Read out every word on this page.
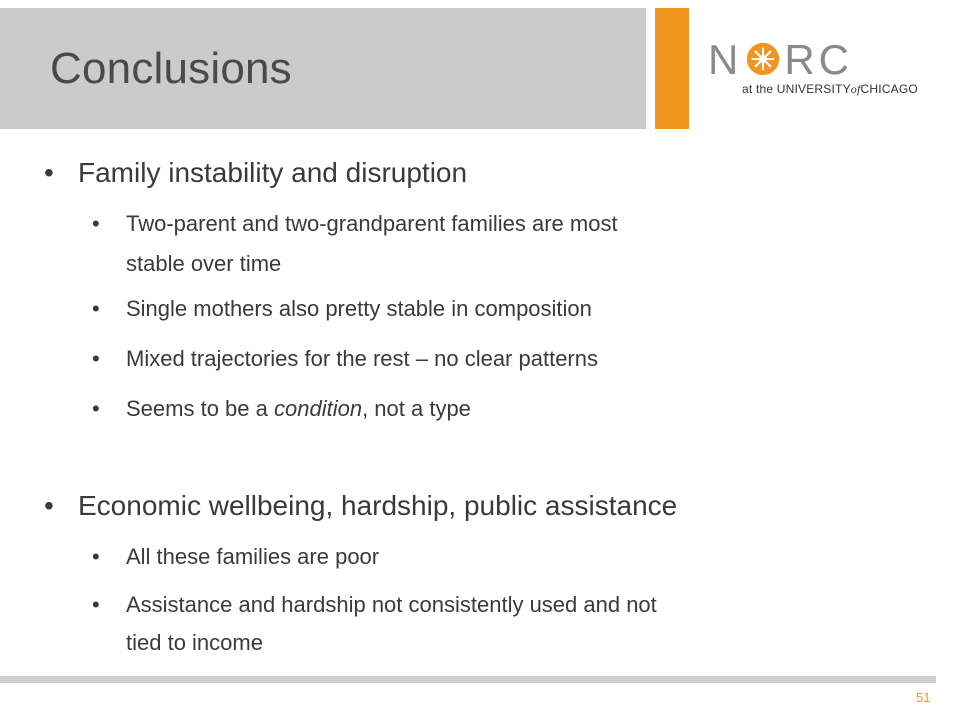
Conclusions	N RC
at the UNIVERSITYofCHICAGO
• Family instability and disruption
• Two-parent and two-grandparent families are most
stable over time
• Single mothers also pretty stable in composition
• Mixed trajectories for the rest – no clear patterns
• Seems to be a condition, not a type
• Economic wellbeing, hardship, public assistance
• All these families are poor
• Assistance and hardship not consistently used and not
tied to income
51
